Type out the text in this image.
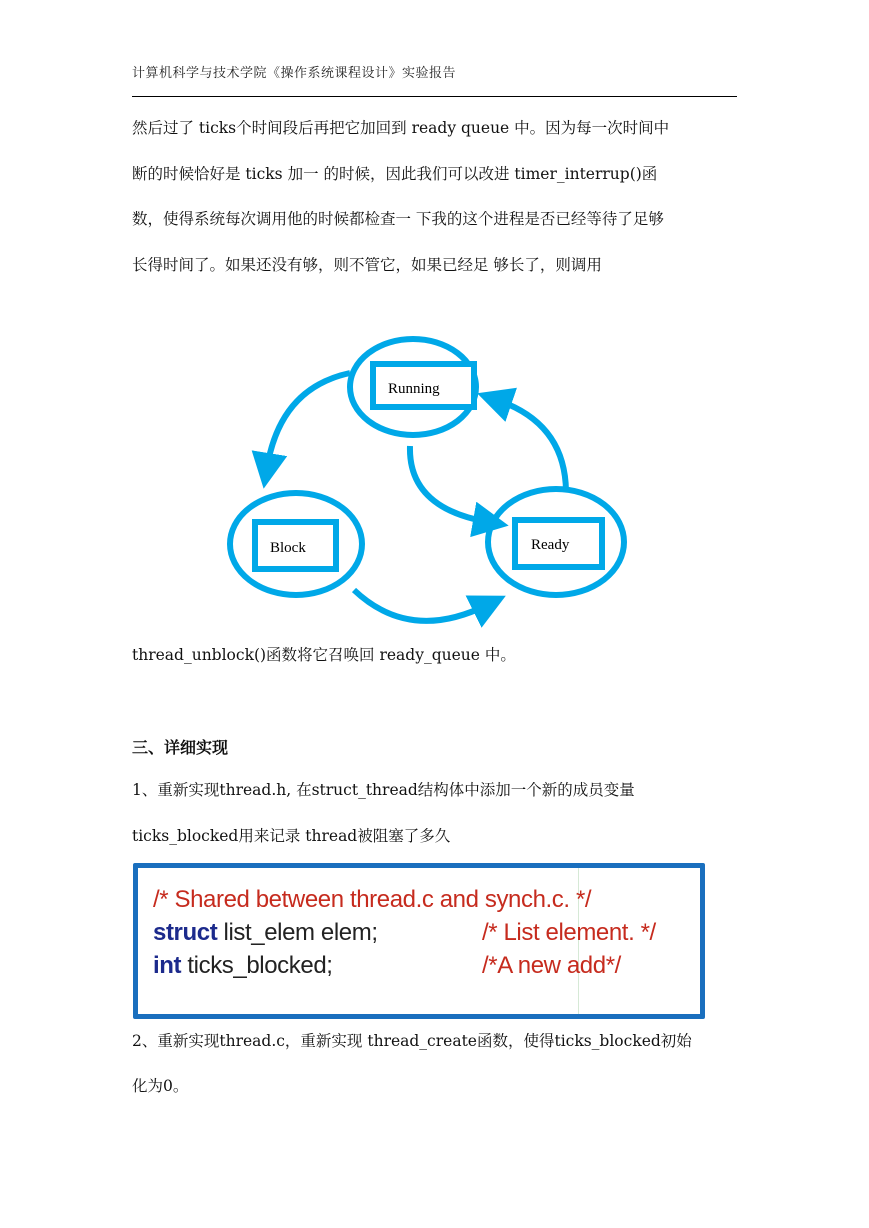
计算机科学与技术学院《操作系统课程设计》实验报告
然后过了 ticks个时间段后再把它加回到 ready queue 中。因为每一次时间中
断的时候恰好是 ticks 加一 的时候，因此我们可以改进 timer_interrup()函
数，使得系统每次调用他的时候都检查一 下我的这个进程是否已经等待了足够
长得时间了。如果还没有够，则不管它，如果已经足 够长了，则调用
Running
Block	Ready
thread_unblock()函数将它召唤回 ready_queue 中。
三、详细实现
1、重新实现thread.h, 在struct_thread结构体中添加一个新的成员变量
ticks_blocked用来记录 thread被阻塞了多久
/* Shared between thread.c and synch.c. */
struct list_elem elem;	/* List element. */
int ticks_blocked;	/*A new add*/
2、重新实现thread.c，重新实现 thread_create函数，使得ticks_blocked初始
化为0。
